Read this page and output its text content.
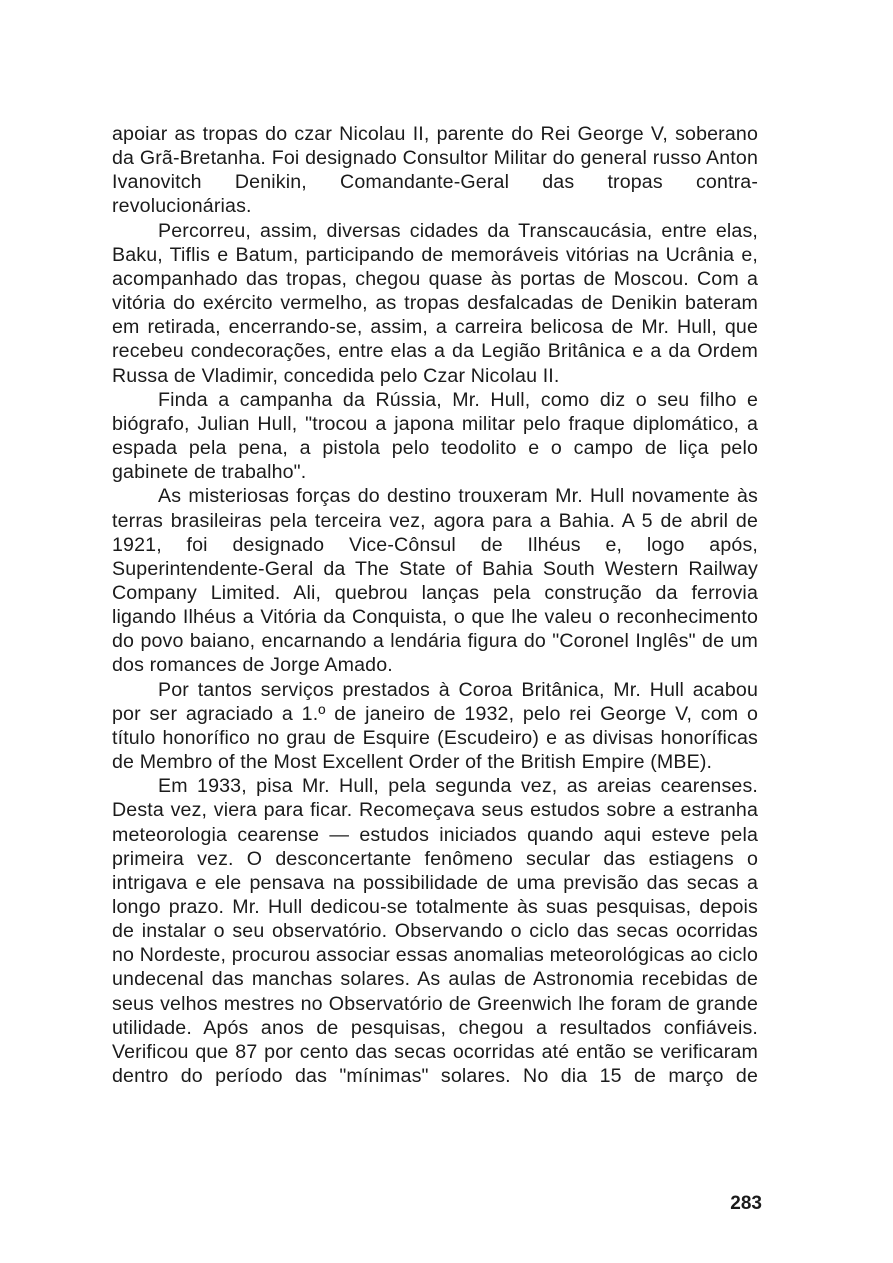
apoiar as tropas do czar Nicolau II, parente do Rei George V, soberano da Grã-Bretanha. Foi designado Consultor Militar do general russo Anton Ivanovitch Denikin, Comandante-Geral das tropas contra-revolucionárias.

Percorreu, assim, diversas cidades da Transcaucásia, entre elas, Baku, Tiflis e Batum, participando de memoráveis vitórias na Ucrânia e, acompanhado das tropas, chegou quase às portas de Moscou. Com a vitória do exército vermelho, as tropas desfalcadas de Denikin bateram em retirada, encerrando-se, assim, a carreira belicosa de Mr. Hull, que recebeu condecorações, entre elas a da Legião Britânica e a da Ordem Russa de Vladimir, concedida pelo Czar Nicolau II.

Finda a campanha da Rússia, Mr. Hull, como diz o seu filho e biógrafo, Julian Hull, "trocou a japona militar pelo fraque diplomático, a espada pela pena, a pistola pelo teodolito e o campo de liça pelo gabinete de trabalho".

As misteriosas forças do destino trouxeram Mr. Hull novamente às terras brasileiras pela terceira vez, agora para a Bahia. A 5 de abril de 1921, foi designado Vice-Cônsul de Ilhéus e, logo após, Superintendente-Geral da The State of Bahia South Western Railway Company Limited. Ali, quebrou lanças pela construção da ferrovia ligando Ilhéus a Vitória da Conquista, o que lhe valeu o reconhecimento do povo baiano, encarnando a lendária figura do "Coronel Inglês" de um dos romances de Jorge Amado.

Por tantos serviços prestados à Coroa Britânica, Mr. Hull acabou por ser agraciado a 1.º de janeiro de 1932, pelo rei George V, com o título honorífico no grau de Esquire (Escudeiro) e as divisas honoríficas de Membro of the Most Excellent Order of the British Empire (MBE).

Em 1933, pisa Mr. Hull, pela segunda vez, as areias cearenses. Desta vez, viera para ficar. Recomeçava seus estudos sobre a estranha meteorologia cearense — estudos iniciados quando aqui esteve pela primeira vez. O desconcertante fenômeno secular das estiagens o intrigava e ele pensava na possibilidade de uma previsão das secas a longo prazo. Mr. Hull dedicou-se totalmente às suas pesquisas, depois de instalar o seu observatório. Observando o ciclo das secas ocorridas no Nordeste, procurou associar essas anomalias meteorológicas ao ciclo undecenal das manchas solares. As aulas de Astronomia recebidas de seus velhos mestres no Observatório de Greenwich lhe foram de grande utilidade. Após anos de pesquisas, chegou a resultados confiáveis. Verificou que 87 por cento das secas ocorridas até então se verificaram dentro do período das "mínimas" solares. No dia 15 de março de

283
